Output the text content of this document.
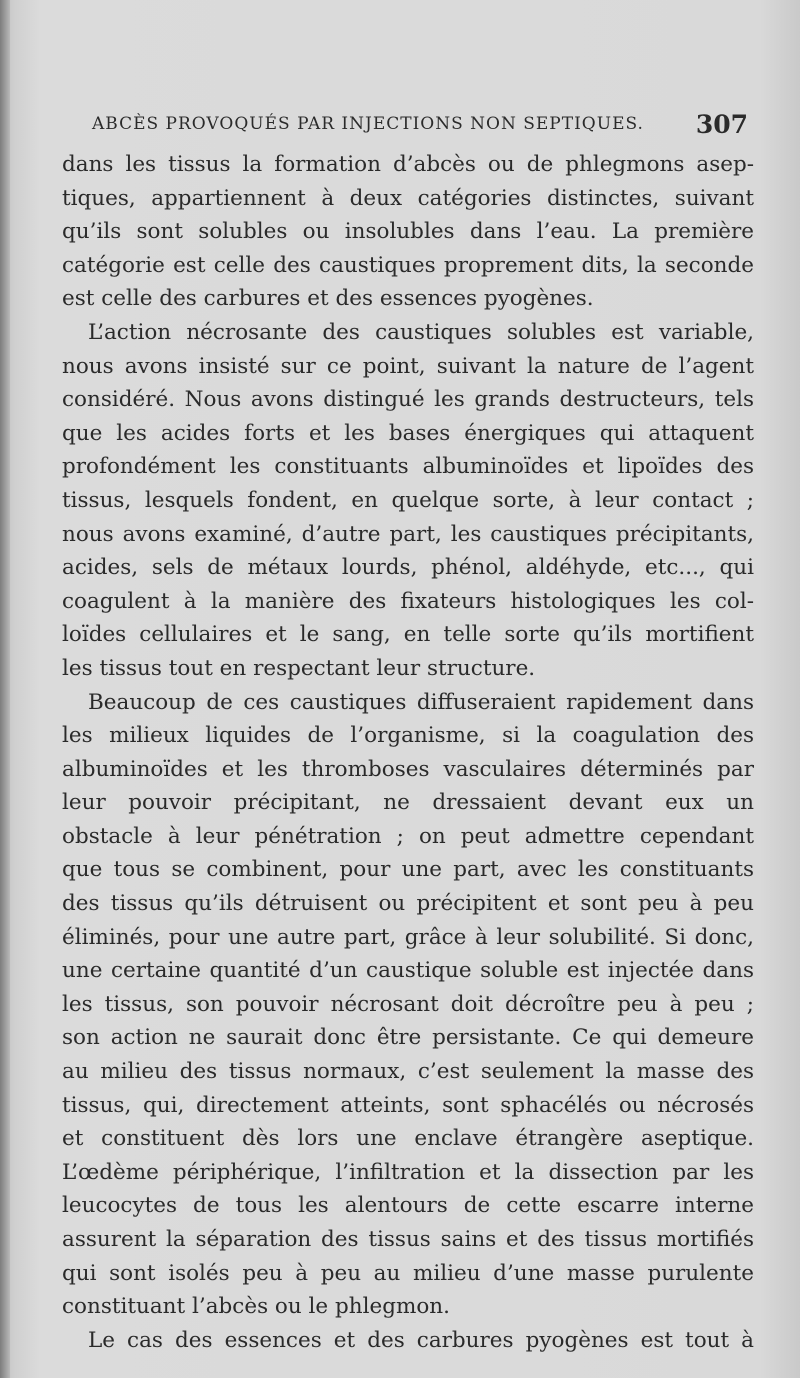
ABCÈS PROVOQUÉS PAR INJECTIONS NON SEPTIQUES. 307
dans les tissus la formation d’abcès ou de phlegmons asep-
tiques, appartiennent à deux catégories distinctes, suivant
qu’ils sont solubles ou insolubles dans l’eau. La première
catégorie est celle des caustiques proprement dits, la seconde
est celle des carbures et des essences pyogènes.
L’action nécrosante des caustiques solubles est variable,
nous avons insisté sur ce point, suivant la nature de l’agent
considéré. Nous avons distingué les grands destructeurs, tels
que les acides forts et les bases énergiques qui attaquent
profondément les constituants albuminoïdes et lipoïdes des
tissus, lesquels fondent, en quelque sorte, à leur contact ;
nous avons examiné, d’autre part, les caustiques précipitants,
acides, sels de métaux lourds, phénol, aldéhyde, etc..., qui
coagulent à la manière des fixateurs histologiques les col-
loïdes cellulaires et le sang, en telle sorte qu’ils mortifient
les tissus tout en respectant leur structure.
Beaucoup de ces caustiques diffuseraient rapidement dans
les milieux liquides de l’organisme, si la coagulation des
albuminoïdes et les thromboses vasculaires déterminés par
leur pouvoir précipitant, ne dressaient devant eux un
obstacle à leur pénétration ; on peut admettre cependant
que tous se combinent, pour une part, avec les constituants
des tissus qu’ils détruisent ou précipitent et sont peu à peu
éliminés, pour une autre part, grâce à leur solubilité. Si donc,
une certaine quantité d’un caustique soluble est injectée dans
les tissus, son pouvoir nécrosant doit décroître peu à peu ;
son action ne saurait donc être persistante. Ce qui demeure
au milieu des tissus normaux, c’est seulement la masse des
tissus, qui, directement atteints, sont sphacélés ou nécrosés
et constituent dès lors une enclave étrangère aseptique.
L’œdème périphérique, l’infiltration et la dissection par les
leucocytes de tous les alentours de cette escarre interne
assurent la séparation des tissus sains et des tissus mortifiés
qui sont isolés peu à peu au milieu d’une masse purulente
constituant l’abcès ou le phlegmon.
Le cas des essences et des carbures pyogènes est tout à
